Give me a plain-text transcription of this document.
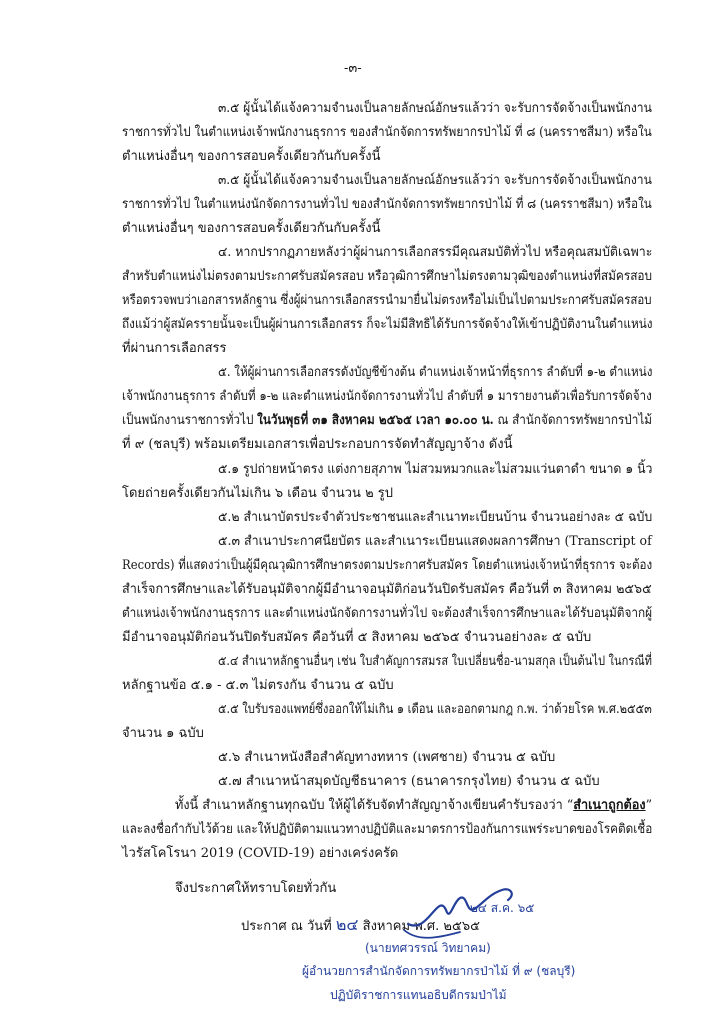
-๓-
๓.๕ ผู้นั้นได้แจ้งความจำนงเป็นลายลักษณ์อักษรแล้วว่า จะรับการจัดจ้างเป็นพนักงาน
ราชการทั่วไป ในตำแหน่งเจ้าพนักงานธุรการ ของสำนักจัดการทรัพยากรป่าไม้ ที่ ๘ (นครราชสีมา) หรือใน
ตำแหน่งอื่นๆ ของการสอบครั้งเดียวกันกับครั้งนี้
๓.๕ ผู้นั้นได้แจ้งความจำนงเป็นลายลักษณ์อักษรแล้วว่า จะรับการจัดจ้างเป็นพนักงาน
ราชการทั่วไป ในตำแหน่งนักจัดการงานทั่วไป ของสำนักจัดการทรัพยากรป่าไม้ ที่ ๘ (นครราชสีมา) หรือใน
ตำแหน่งอื่นๆ ของการสอบครั้งเดียวกันกับครั้งนี้
๔. หากปรากฏภายหลังว่าผู้ผ่านการเลือกสรรมีคุณสมบัติทั่วไป หรือคุณสมบัติเฉพาะ
สำหรับตำแหน่งไม่ตรงตามประกาศรับสมัครสอบ หรือวุฒิการศึกษาไม่ตรงตามวุฒิของตำแหน่งที่สมัครสอบ
หรือตรวจพบว่าเอกสารหลักฐาน ซึ่งผู้ผ่านการเลือกสรรนำมายื่นไม่ตรงหรือไม่เป็นไปตามประกาศรับสมัครสอบ
ถึงแม้ว่าผู้สมัครรายนั้นจะเป็นผู้ผ่านการเลือกสรร ก็จะไม่มีสิทธิได้รับการจัดจ้างให้เข้าปฏิบัติงานในตำแหน่ง
ที่ผ่านการเลือกสรร
๕. ให้ผู้ผ่านการเลือกสรรดังบัญชีข้างต้น ตำแหน่งเจ้าหน้าที่ธุรการ ลำดับที่ ๑-๒ ตำแหน่ง
เจ้าพนักงานธุรการ ลำดับที่ ๑-๒ และตำแหน่งนักจัดการงานทั่วไป ลำดับที่ ๑ มารายงานตัวเพื่อรับการจัดจ้าง
เป็นพนักงานราชการทั่วไป ในวันพุธที่ ๓๑ สิงหาคม ๒๕๖๕ เวลา ๑๐.๐๐ น. ณ สำนักจัดการทรัพยากรป่าไม้
ที่ ๙ (ชลบุรี) พร้อมเตรียมเอกสารเพื่อประกอบการจัดทำสัญญาจ้าง ดังนี้
๕.๑ รูปถ่ายหน้าตรง แต่งกายสุภาพ ไม่สวมหมวกและไม่สวมแว่นตาดำ ขนาด ๑ นิ้ว
โดยถ่ายครั้งเดียวกันไม่เกิน ๖ เดือน จำนวน ๒ รูป
๕.๒ สำเนาบัตรประจำตัวประชาชนและสำเนาทะเบียนบ้าน จำนวนอย่างละ ๕ ฉบับ
๕.๓ สำเนาประกาศนียบัตร และสำเนาระเบียนแสดงผลการศึกษา (Transcript of
Records) ที่แสดงว่าเป็นผู้มีคุณวุฒิการศึกษาตรงตามประกาศรับสมัคร โดยตำแหน่งเจ้าหน้าที่ธุรการ จะต้อง
สำเร็จการศึกษาและได้รับอนุมัติจากผู้มีอำนาจอนุมัติก่อนวันปิดรับสมัคร คือวันที่ ๓ สิงหาคม ๒๕๖๕
ตำแหน่งเจ้าพนักงานธุรการ และตำแหน่งนักจัดการงานทั่วไป จะต้องสำเร็จการศึกษาและได้รับอนุมัติจากผู้
มีอำนาจอนุมัติก่อนวันปิดรับสมัคร คือวันที่ ๕ สิงหาคม ๒๕๖๕ จำนวนอย่างละ ๕ ฉบับ
๕.๔ สำเนาหลักฐานอื่นๆ เช่น ใบสำคัญการสมรส ใบเปลี่ยนชื่อ-นามสกุล เป็นต้นไป ในกรณีที่
หลักฐานข้อ ๕.๑ - ๕.๓ ไม่ตรงกัน จำนวน ๕ ฉบับ
๕.๕ ใบรับรองแพทย์ซึ่งออกให้ไม่เกิน ๑ เดือน และออกตามกฎ ก.พ. ว่าด้วยโรค พ.ศ.๒๕๕๓
จำนวน ๑ ฉบับ
๕.๖ สำเนาหนังสือสำคัญทางทหาร (เพศชาย) จำนวน ๕ ฉบับ
๕.๗ สำเนาหน้าสมุดบัญชีธนาคาร (ธนาคารกรุงไทย) จำนวน ๕ ฉบับ
ทั้งนี้ สำเนาหลักฐานทุกฉบับ ให้ผู้ได้รับจัดทำสัญญาจ้างเขียนคำรับรองว่า “สำเนาถูกต้อง”
และลงชื่อกำกับไว้ด้วย และให้ปฏิบัติตามแนวทางปฏิบัติและมาตรการป้องกันการแพร่ระบาดของโรคติดเชื้อ
ไวรัสโคโรนา 2019 (COVID-19) อย่างเคร่งครัด
จึงประกาศให้ทราบโดยทั่วกัน
ประกาศ ณ วันที่ ๒๔ สิงหาคม พ.ศ. ๒๕๖๕
๒๔ ส.ค. ๖๕
(นายทศวรรณ์ วิทยาคม)
ผู้อำนวยการสำนักจัดการทรัพยากรป่าไม้ ที่ ๙ (ชลบุรี)
ปฏิบัติราชการแทนอธิบดีกรมป่าไม้
